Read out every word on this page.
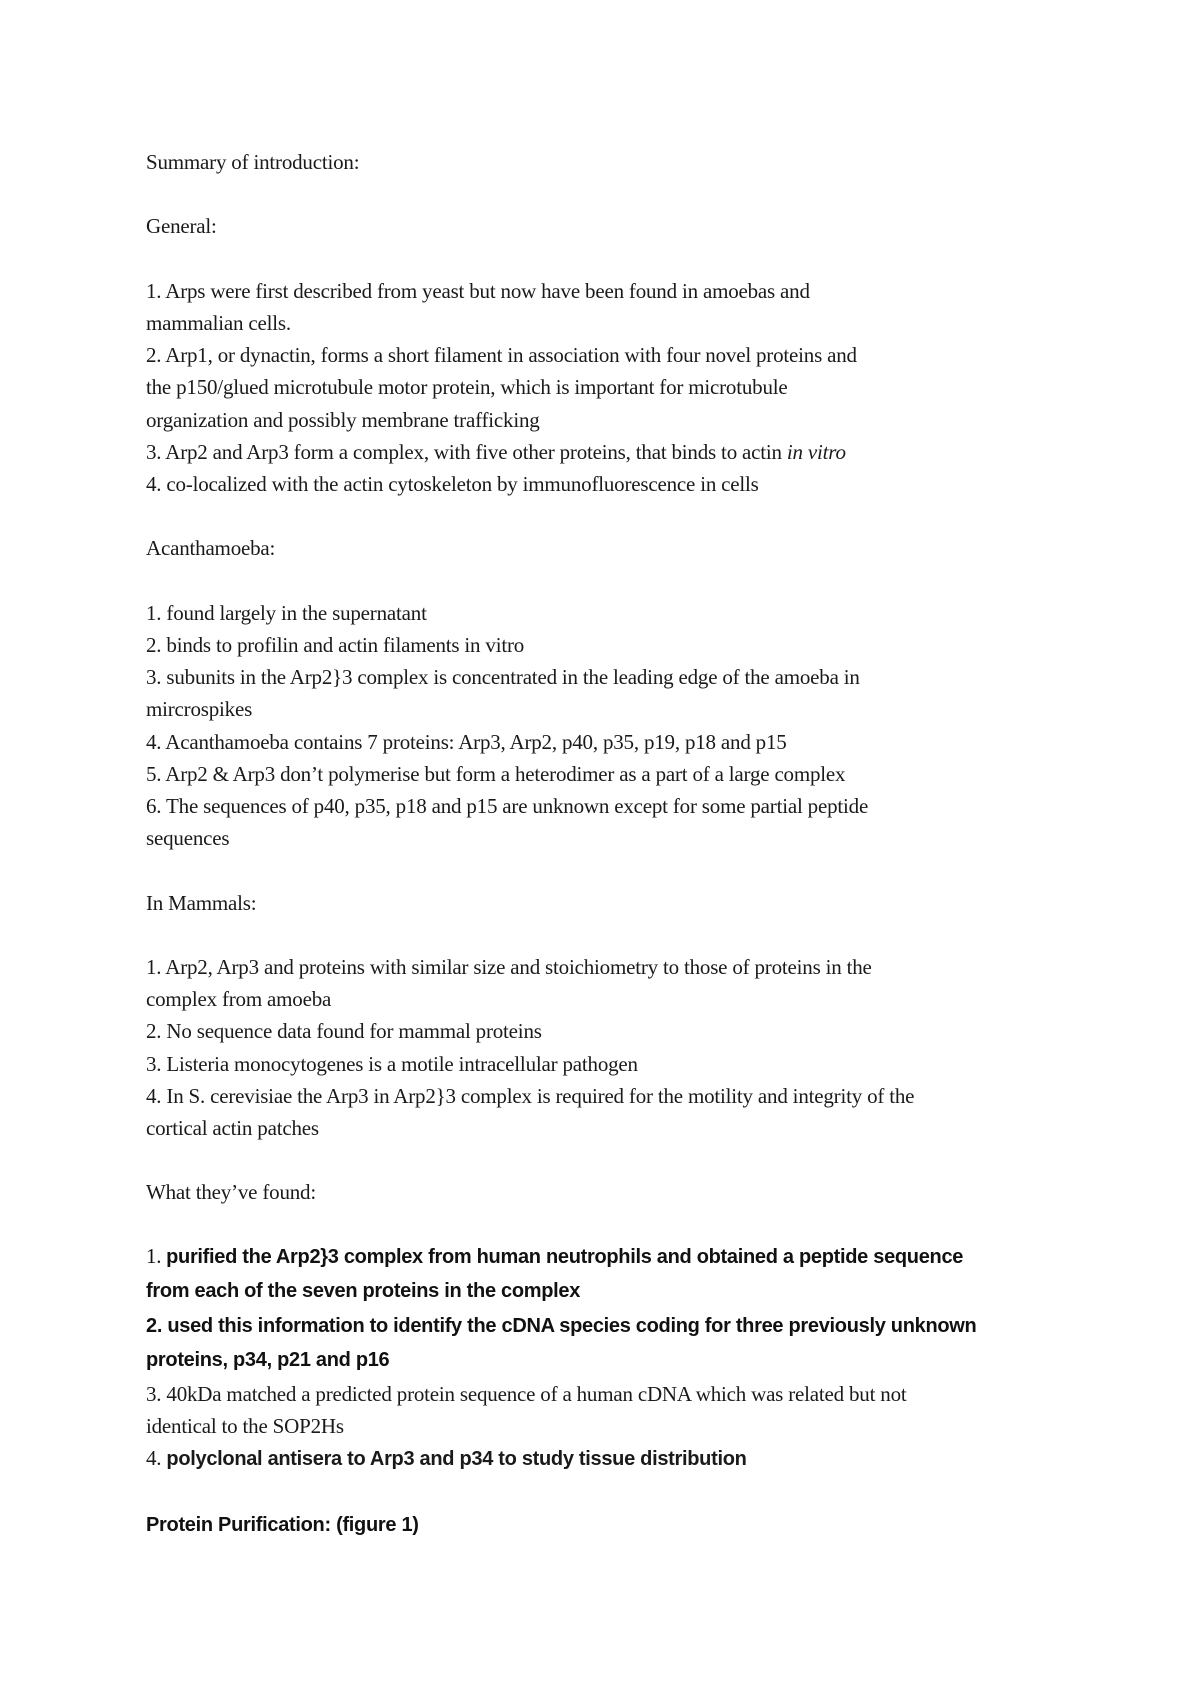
Summary of introduction:
General:
1. Arps were first described from yeast but now have been found in amoebas and
mammalian cells.
2. Arp1, or dynactin, forms a short filament in association with four novel proteins and
the p150/glued microtubule motor protein, which is important for microtubule
organization and possibly membrane trafficking
3. Arp2 and Arp3 form a complex, with five other proteins, that binds to actin in vitro
4. co-localized with the actin cytoskeleton by immunofluorescence in cells
Acanthamoeba:
1. found largely in the supernatant
2. binds to profilin and actin filaments in vitro
3. subunits in the Arp2}3 complex is concentrated in the leading edge of the amoeba in
mircrospikes
4. Acanthamoeba contains 7 proteins: Arp3, Arp2, p40, p35, p19, p18 and p15
5. Arp2 & Arp3 don’t polymerise but form a heterodimer as a part of a large complex
6. The sequences of p40, p35, p18 and p15 are unknown except for some partial peptide
sequences
In Mammals:
1. Arp2, Arp3 and proteins with similar size and stoichiometry to those of proteins in the
complex from amoeba
2. No sequence data found for mammal proteins
3. Listeria monocytogenes is a motile intracellular pathogen
4. In S. cerevisiae the Arp3 in Arp2}3 complex is required for the motility and integrity of the
cortical actin patches
What they’ve found:
1. purified the Arp2}3 complex from human neutrophils and obtained a peptide sequence
from each of the seven proteins in the complex
2. used this information to identify the cDNA species coding for three previously unknown
proteins, p34, p21 and p16
3. 40kDa matched a predicted protein sequence of a human cDNA which was related but not
identical to the SOP2Hs
4. polyclonal antisera to Arp3 and p34 to study tissue distribution
Protein Purification: (figure 1)
